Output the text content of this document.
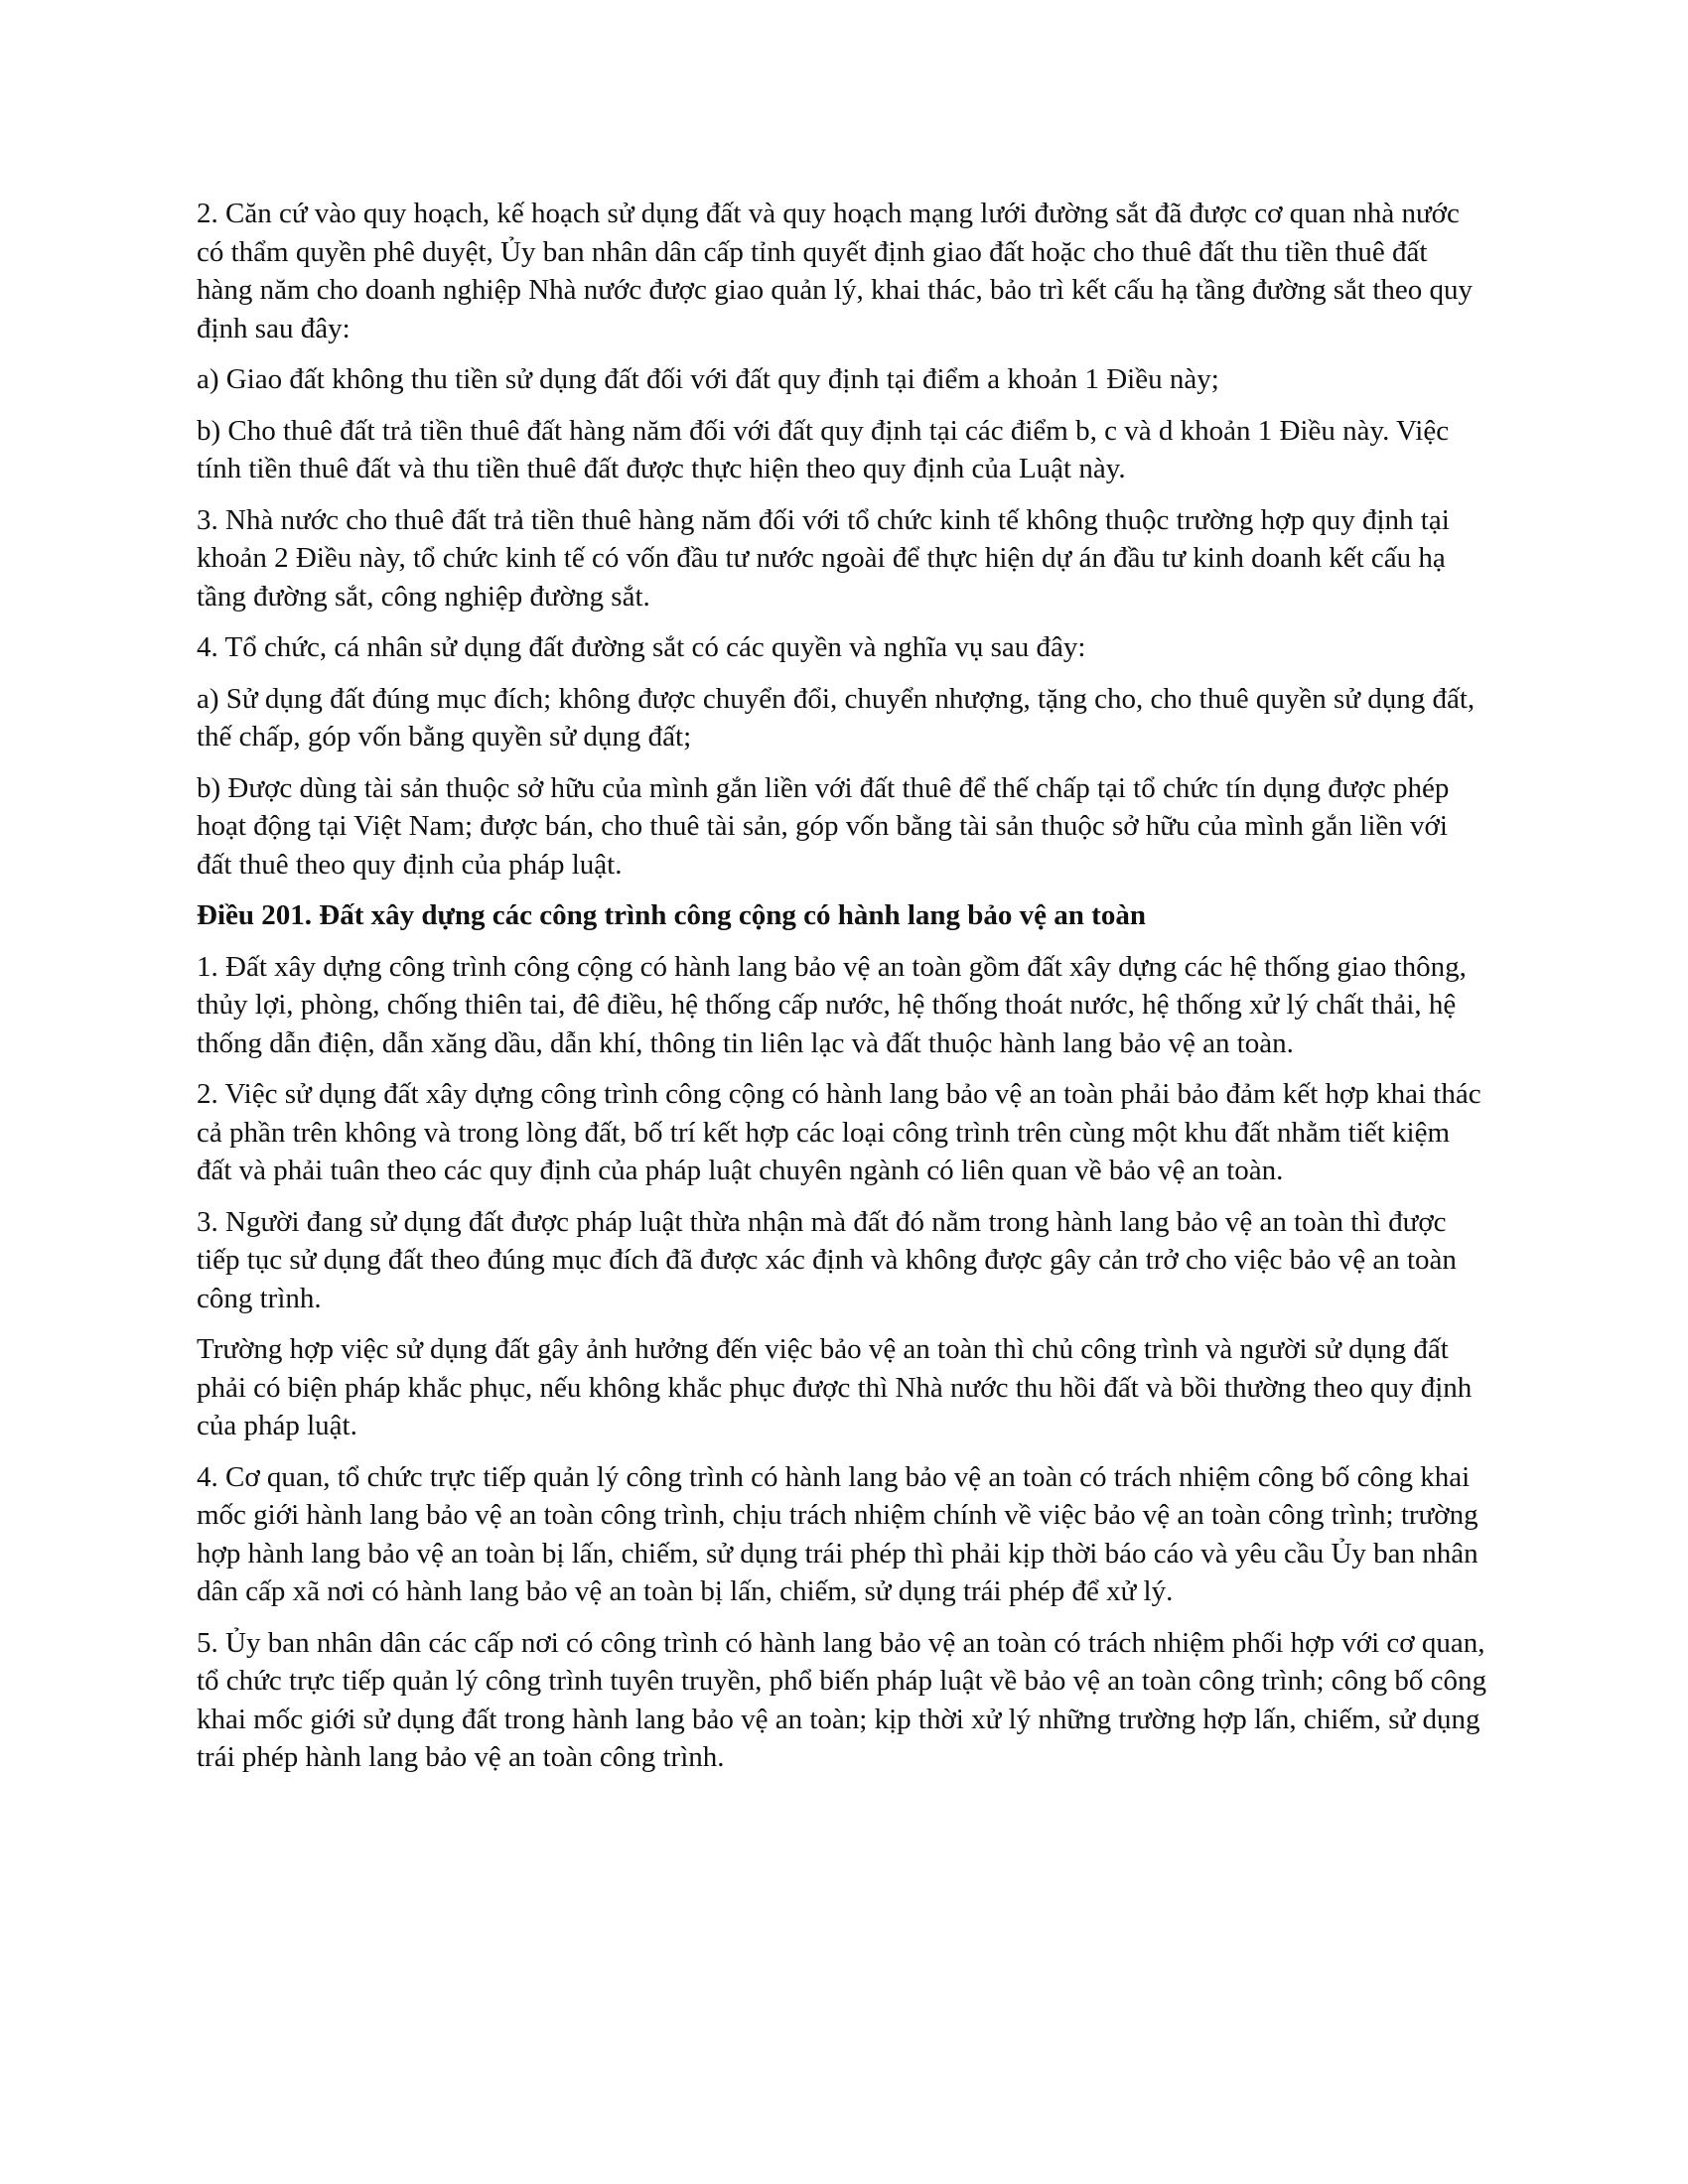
2. Căn cứ vào quy hoạch, kế hoạch sử dụng đất và quy hoạch mạng lưới đường sắt đã được cơ quan nhà nước có thẩm quyền phê duyệt, Ủy ban nhân dân cấp tỉnh quyết định giao đất hoặc cho thuê đất thu tiền thuê đất hàng năm cho doanh nghiệp Nhà nước được giao quản lý, khai thác, bảo trì kết cấu hạ tầng đường sắt theo quy định sau đây:

a) Giao đất không thu tiền sử dụng đất đối với đất quy định tại điểm a khoản 1 Điều này;

b) Cho thuê đất trả tiền thuê đất hàng năm đối với đất quy định tại các điểm b, c và d khoản 1 Điều này. Việc tính tiền thuê đất và thu tiền thuê đất được thực hiện theo quy định của Luật này.

3. Nhà nước cho thuê đất trả tiền thuê hàng năm đối với tổ chức kinh tế không thuộc trường hợp quy định tại khoản 2 Điều này, tổ chức kinh tế có vốn đầu tư nước ngoài để thực hiện dự án đầu tư kinh doanh kết cấu hạ tầng đường sắt, công nghiệp đường sắt.

4. Tổ chức, cá nhân sử dụng đất đường sắt có các quyền và nghĩa vụ sau đây:

a) Sử dụng đất đúng mục đích; không được chuyển đổi, chuyển nhượng, tặng cho, cho thuê quyền sử dụng đất, thế chấp, góp vốn bằng quyền sử dụng đất;

b) Được dùng tài sản thuộc sở hữu của mình gắn liền với đất thuê để thế chấp tại tổ chức tín dụng được phép hoạt động tại Việt Nam; được bán, cho thuê tài sản, góp vốn bằng tài sản thuộc sở hữu của mình gắn liền với đất thuê theo quy định của pháp luật.

Điều 201. Đất xây dựng các công trình công cộng có hành lang bảo vệ an toàn

1. Đất xây dựng công trình công cộng có hành lang bảo vệ an toàn gồm đất xây dựng các hệ thống giao thông, thủy lợi, phòng, chống thiên tai, đê điều, hệ thống cấp nước, hệ thống thoát nước, hệ thống xử lý chất thải, hệ thống dẫn điện, dẫn xăng dầu, dẫn khí, thông tin liên lạc và đất thuộc hành lang bảo vệ an toàn.

2. Việc sử dụng đất xây dựng công trình công cộng có hành lang bảo vệ an toàn phải bảo đảm kết hợp khai thác cả phần trên không và trong lòng đất, bố trí kết hợp các loại công trình trên cùng một khu đất nhằm tiết kiệm đất và phải tuân theo các quy định của pháp luật chuyên ngành có liên quan về bảo vệ an toàn.

3. Người đang sử dụng đất được pháp luật thừa nhận mà đất đó nằm trong hành lang bảo vệ an toàn thì được tiếp tục sử dụng đất theo đúng mục đích đã được xác định và không được gây cản trở cho việc bảo vệ an toàn công trình.

Trường hợp việc sử dụng đất gây ảnh hưởng đến việc bảo vệ an toàn thì chủ công trình và người sử dụng đất phải có biện pháp khắc phục, nếu không khắc phục được thì Nhà nước thu hồi đất và bồi thường theo quy định của pháp luật.

4. Cơ quan, tổ chức trực tiếp quản lý công trình có hành lang bảo vệ an toàn có trách nhiệm công bố công khai mốc giới hành lang bảo vệ an toàn công trình, chịu trách nhiệm chính về việc bảo vệ an toàn công trình; trường hợp hành lang bảo vệ an toàn bị lấn, chiếm, sử dụng trái phép thì phải kịp thời báo cáo và yêu cầu Ủy ban nhân dân cấp xã nơi có hành lang bảo vệ an toàn bị lấn, chiếm, sử dụng trái phép để xử lý.

5. Ủy ban nhân dân các cấp nơi có công trình có hành lang bảo vệ an toàn có trách nhiệm phối hợp với cơ quan, tổ chức trực tiếp quản lý công trình tuyên truyền, phổ biến pháp luật về bảo vệ an toàn công trình; công bố công khai mốc giới sử dụng đất trong hành lang bảo vệ an toàn; kịp thời xử lý những trường hợp lấn, chiếm, sử dụng trái phép hành lang bảo vệ an toàn công trình.
